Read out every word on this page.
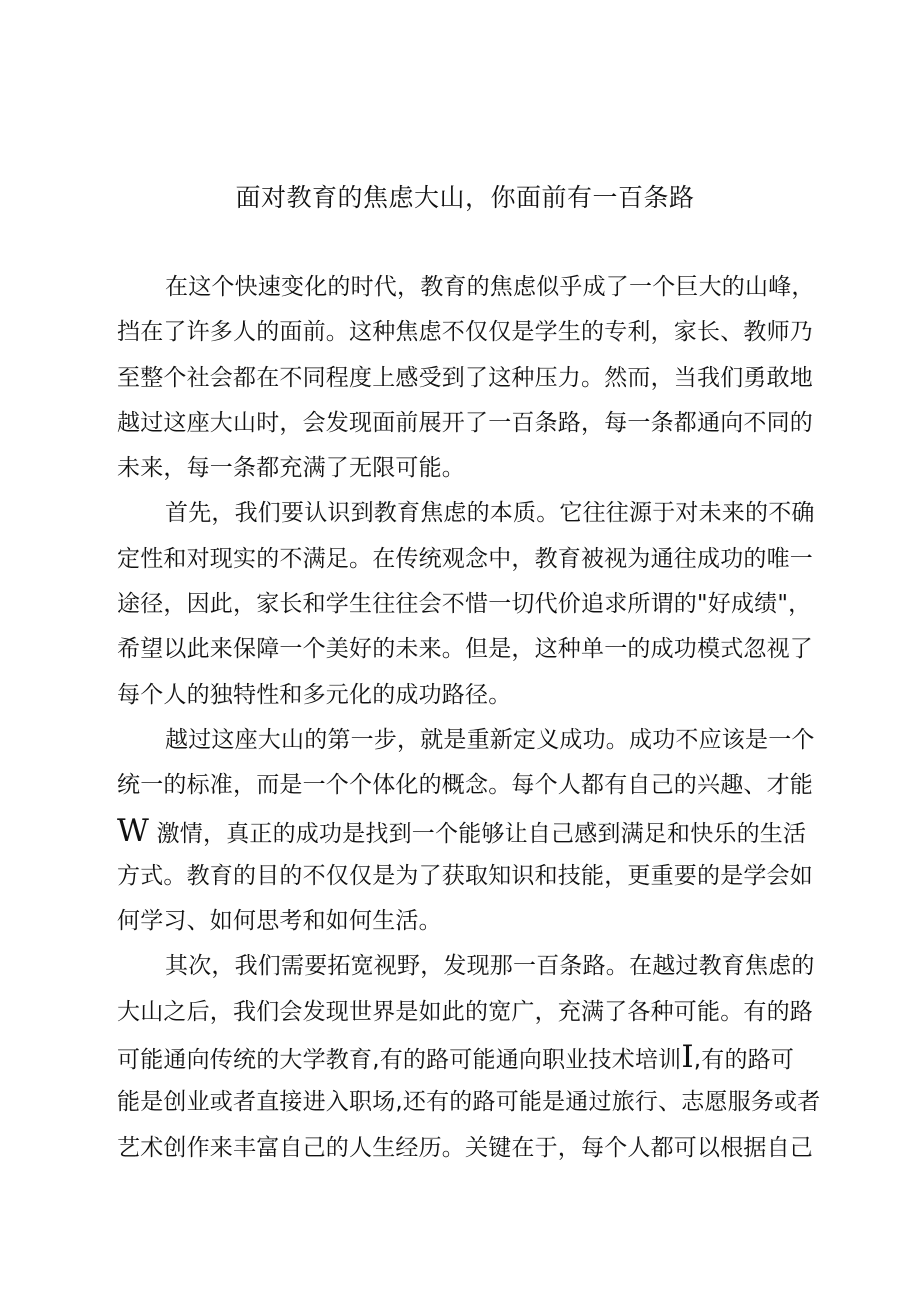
面对教育的焦虑大山，你面前有一百条路
在这个快速变化的时代，教育的焦虑似乎成了一个巨大的山峰，
挡在了许多人的面前。这种焦虑不仅仅是学生的专利，家长、教师乃
至整个社会都在不同程度上感受到了这种压力。然而，当我们勇敢地
越过这座大山时，会发现面前展开了一百条路，每一条都通向不同的
未来，每一条都充满了无限可能。
首先，我们要认识到教育焦虑的本质。它往往源于对未来的不确
定性和对现实的不满足。在传统观念中，教育被视为通往成功的唯一
途径，因此，家长和学生往往会不惜一切代价追求所谓的"好成绩"，
希望以此来保障一个美好的未来。但是，这种单一的成功模式忽视了
每个人的独特性和多元化的成功路径。
越过这座大山的第一步，就是重新定义成功。成功不应该是一个
统一的标准，而是一个个体化的概念。每个人都有自己的兴趣、才能
W 激情，真正的成功是找到一个能够让自己感到满足和快乐的生活
方式。教育的目的不仅仅是为了获取知识和技能，更重要的是学会如
何学习、如何思考和如何生活。
其次，我们需要拓宽视野，发现那一百条路。在越过教育焦虑的
大山之后，我们会发现世界是如此的宽广，充满了各种可能。有的路
可能通向传统的大学教育,有的路可能通向职业技术培训I,有的路可
能是创业或者直接进入职场,还有的路可能是通过旅行、志愿服务或者
艺术创作来丰富自己的人生经历。关键在于，每个人都可以根据自己
